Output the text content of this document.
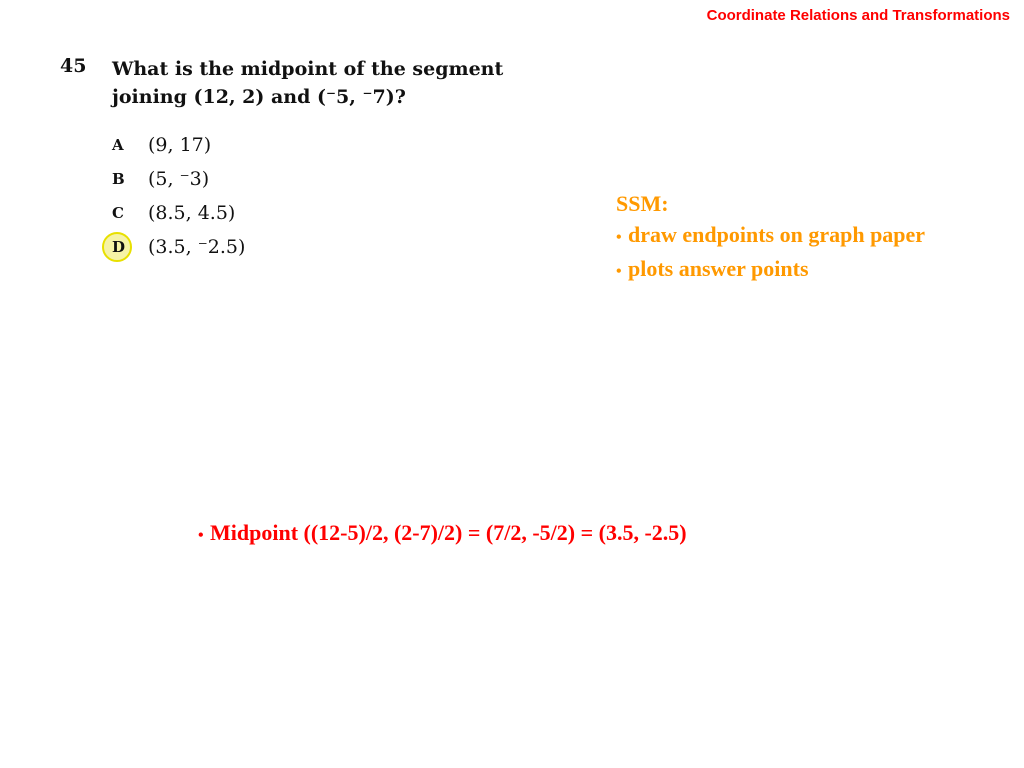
Coordinate Relations and Transformations
45	What is the midpoint of the segment
joining (12, 2) and (⁻5, ⁻7)?
A	(9, 17)
B	(5, ⁻3)
C	(8.5, 4.5)
D	(3.5, ⁻2.5)
SSM:
• draw endpoints on graph paper
• plots answer points
• Midpoint ((12-5)/2, (2-7)/2) = (7/2, -5/2) = (3.5, -2.5)
